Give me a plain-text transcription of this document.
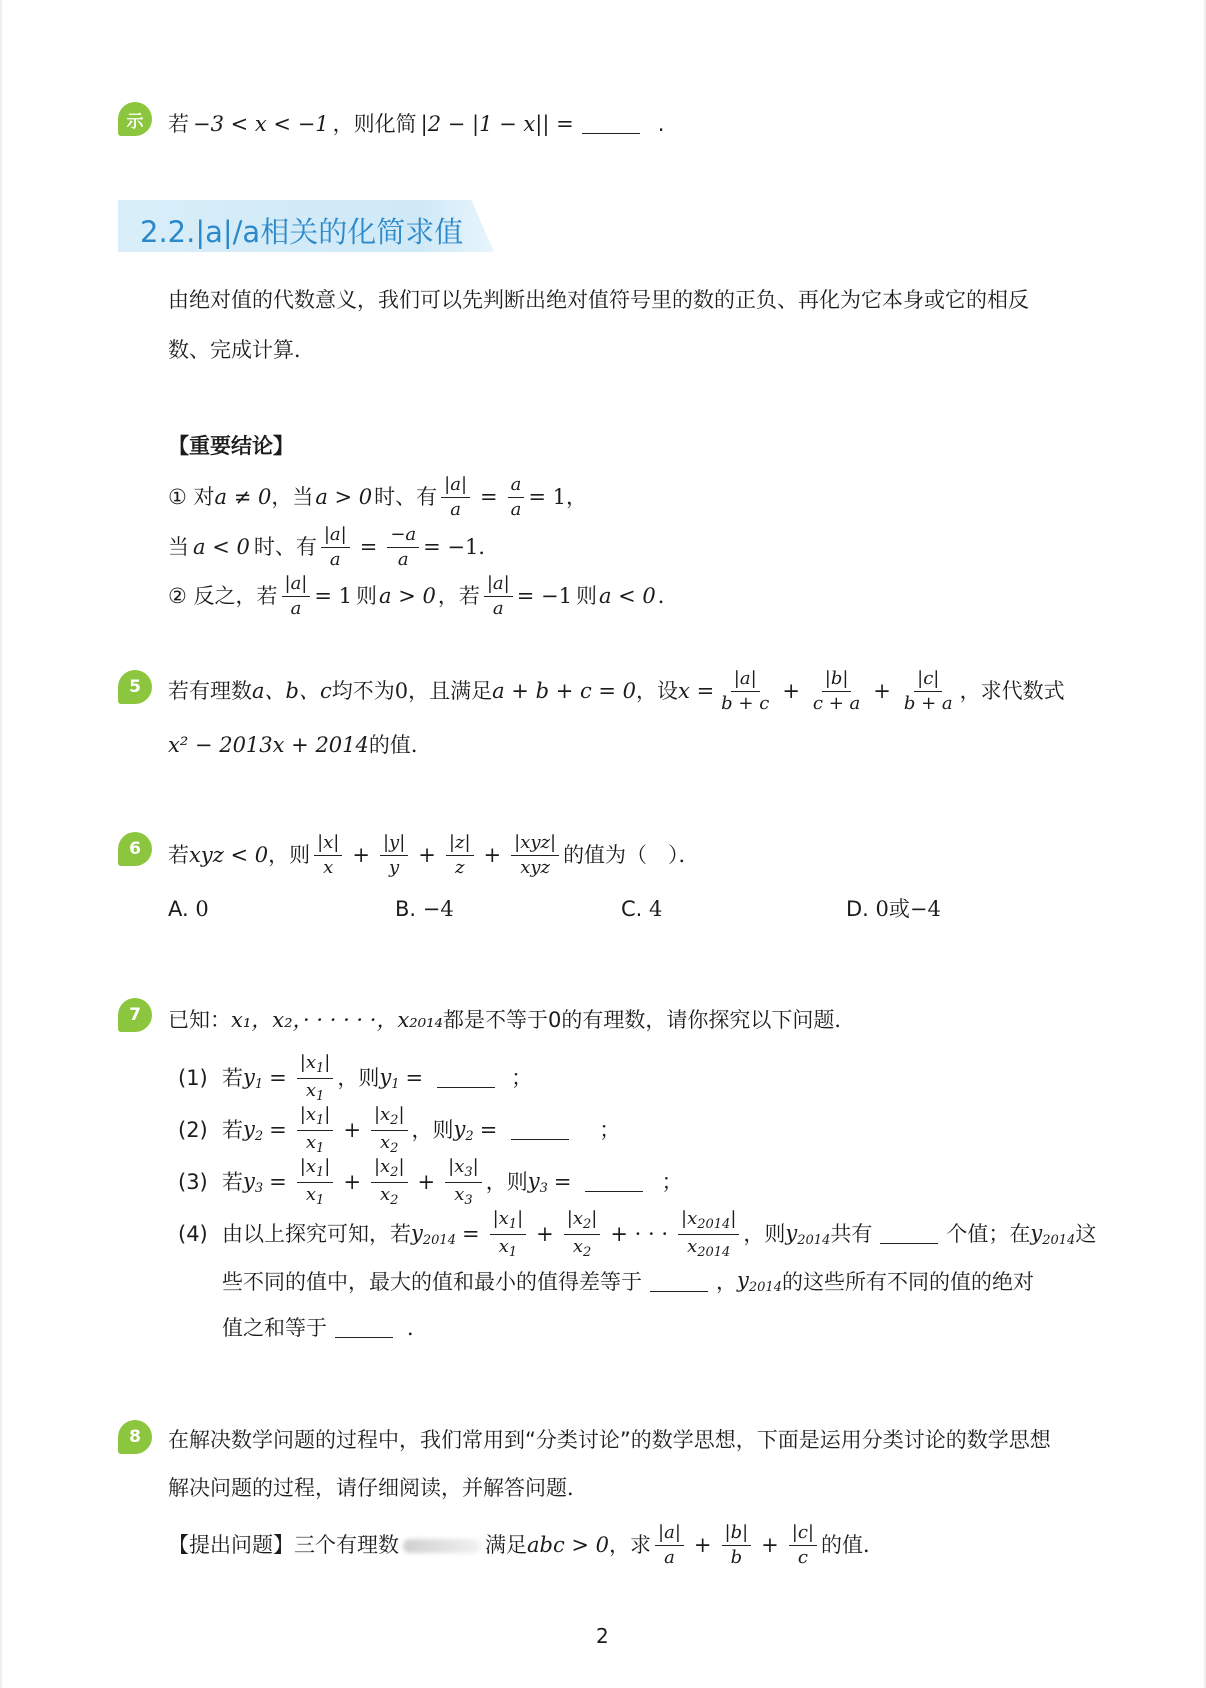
示 若 −3 < x < −1 ，则化简 |2 − |1 − x|| =	.
2.2.|a|/a相关的化简求值
由绝对值的代数意义，我们可以先判断出绝对值符号里的数的正负、再化为它本身或它的相反
数、完成计算．
【重要结论】
① 对 a ≠ 0 ，当 a > 0 时、有 $\frac{|a|}{a} = \frac{a}{a} = 1$ ，
当 a < 0 时、有 $\frac{|a|}{a} = \frac{-a}{a} = -1$ ．
② 反之，若 $\frac{|a|}{a} = 1$ 则 a > 0 ，若 $\frac{|a|}{a} = -1$ 则 a < 0 ．
5 若有理数 a、b、c 均不为 0 ，且满足 a + b + c = 0 ，设 $x = \frac{|a|}{b + c} + \frac{|b|}{c + a} + \frac{|c|}{b + a}$ ，求代数式
x² − 2013x + 2014 的值．
6 若 xyz < 0 ，则 $\frac{|x|}{x} + \frac{|y|}{y} + \frac{|z|}{z} + \frac{\text{|xyz|}}{\text{xyz}}$ 的值为（　）．
A. 0	B. −4	C. 4	D. 0或−4
7 已知： x₁，x₂，· · · · · ·，x₂₀₁₄ 都是不等于0的有理数，请你探究以下问题．
(1) 若 $y_1 = \frac{|x_1|}{x_1}$ ，则 $y_1$ =	；
(2) 若 $y_2 = \frac{|x_1|}{x_1} + \frac{|x_2|}{x_2}$ ，则 $y_2$ =	；
(3) 若 $y_3 = \frac{|x_1|}{x_1} + \frac{|x_2|}{x_2} + \frac{|x_3|}{x_3}$ ，则 $y_3$ =	；
(4) 由以上探究可知，若 $y_{2014} = \frac{|x_1|}{x_1} + \frac{|x_2|}{x_2}$ + · · · $\frac{|x_{2014}|}{x_{2014}}$ ，则 $y_{2014}$ 共有	个值；在 $y_{2014}$ 这
些不同的值中，最大的值和最小的值得差等于	， $y_{2014}$ 的这些所有不同的值的绝对
值之和等于	．
8 在解决数学问题的过程中，我们常用到“分类讨论”的数学思想，下面是运用分类讨论的数学思想
解决问题的过程，请仔细阅读，并解答问题．
【提出问题】三个有理数	满足 abc > 0 ，求 $\frac{|a|}{a} + \frac{|b|}{b} + \frac{|c|}{c}$ 的值．
2
